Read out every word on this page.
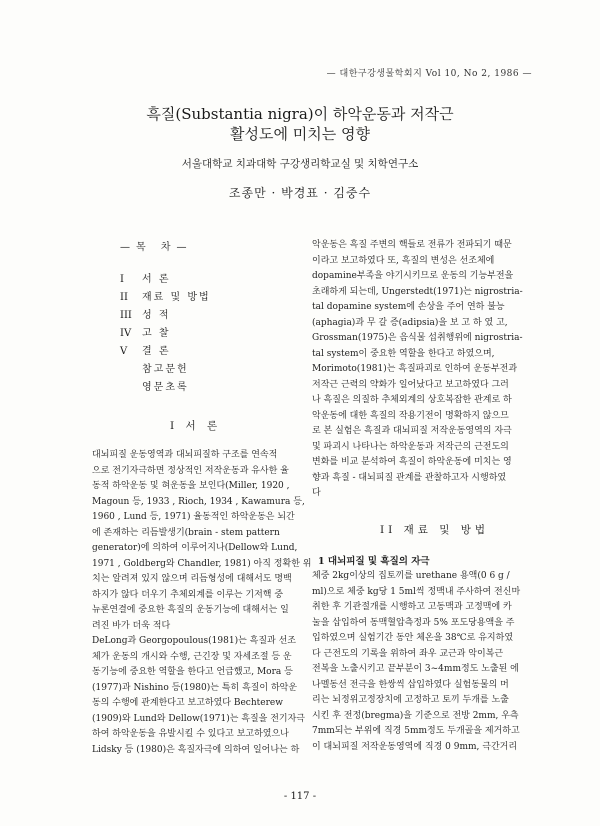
— 대한구강생물학회지 Vol 10, No 2, 1986 —
흑질(Substantia nigra)이 하악운동과 저작근
활성도에 미치는 영향
서울대학교 치과대학 구강생리학교실 및 치학연구소
조종만 · 박경표 · 김중수
—목 차—
I	서 론
II	재료 및 방법
III	성 적
IV	고 찰
V	결 론
참고문헌
영문초록
I 서 론
대뇌피질 운동영역과 대뇌피질하 구조를 연속적
으로 전기자극하면 정상적인 저작운동과 유사한 율
동적 하악운동 및 혀운동을 보인다(Miller, 1920 ,
Magoun 등, 1933 , Rioch, 1934 , Kawamura 등,
1960 , Lund 등, 1971) 율동적인 하악운동은 뇌간
에 존재하는 리듬발생기(brain - stem pattern
generator)에 의하여 이루어지나(Dellow와 Lund,
1971 , Goldberg와 Chandler, 1981) 아직 정확한 위
치는 알려져 있지 않으며 리듬형성에 대해서도 명백
하지가 않다 더우기 추체외계를 이루는 기저핵 중
뉴론연결에 중요한 흑질의 운동기능에 대해서는 일
려진 바가 더욱 적다
DeLong과 Georgopoulous(1981)는 흑질과 선조
체가 운동의 개시와 수행, 근긴장 및 자세조절 등 운
동기능에 중요한 역할을 한다고 언급했고, Mora 등
(1977)과 Nishino 등(1980)는 특히 흑질이 하악운
동의 수행에 관계한다고 보고하였다 Bechterew
(1909)와 Lund와 Dellow(1971)는 흑질을 전기자극
하여 하악운동을 유발시킬 수 있다고 보고하였으나
Lidsky 등 (1980)은 흑질자극에 의하여 일어나는 하
악운동은 흑질 주변의 핵들로 전류가 전파되기 때문
이라고 보고하였다 또, 흑질의 변성은 선조체에
dopamine부족을 야기시키므로 운동의 기능부전을
초래하게 되는데, Ungerstedt(1971)는 nigrostria-
tal dopamine system에 손상을 주어 연하 불능
(aphagia)과 무 갈 증(adipsia)을 보 고 하 였 고,
Grossman(1975)은 음식물 섭취행위에 nigrostria-
tal system이 중요한 역할을 한다고 하였으며,
Morimoto(1981)는 흑질파괴로 인하여 운동부전과
저작근 근력의 약화가 일어났다고 보고하였다 그러
나 흑질은 의질하 추체외계의 상호복잡한 관계로 하
악운동에 대한 흑질의 작용기전이 명확하지 않으므
로 본 실험은 흑질과 대뇌피질 저작운동영역의 자극
및 파괴시 나타나는 하악운동과 저작근의 근전도의
변화를 비교 분석하여 흑질이 하악운동에 미치는 영
향과 흑질 - 대뇌피질 관계를 관찰하고자 시행하였
다
II 재료 및 방법
1 대뇌피질 및 흑질의 자극
체중 2kg이상의 집토끼를 urethane 용액(0 6 g /
ml)으로 체중 kg당 1 5ml씩 정맥내 주사하여 전신마
취한 후 기관절개를 시행하고 고동맥과 고정맥에 카
눌을 삽입하여 동맥혈압측정과 5% 포도당용액을 주
입하였으며 실험기간 동안 체온을 38℃로 유지하였
다 근전도의 기록을 위하여 좌우 교근과 악이복근
전복을 노출시키고 끝부분이 3~4mm정도 노출된 에
나멜동선 전극을 한쌍씩 삽입하였다 실험동물의 머
리는 뇌정위고정장치에 고정하고 토끼 두개를 노출
시킨 후 전정(bregma)을 기준으로 전방 2mm, 우측
7mm되는 부위에 직경 5mm정도 두개골을 제거하고
이 대뇌피질 저작운동영역에 직경 0 9mm, 극간거리
- 117 -
